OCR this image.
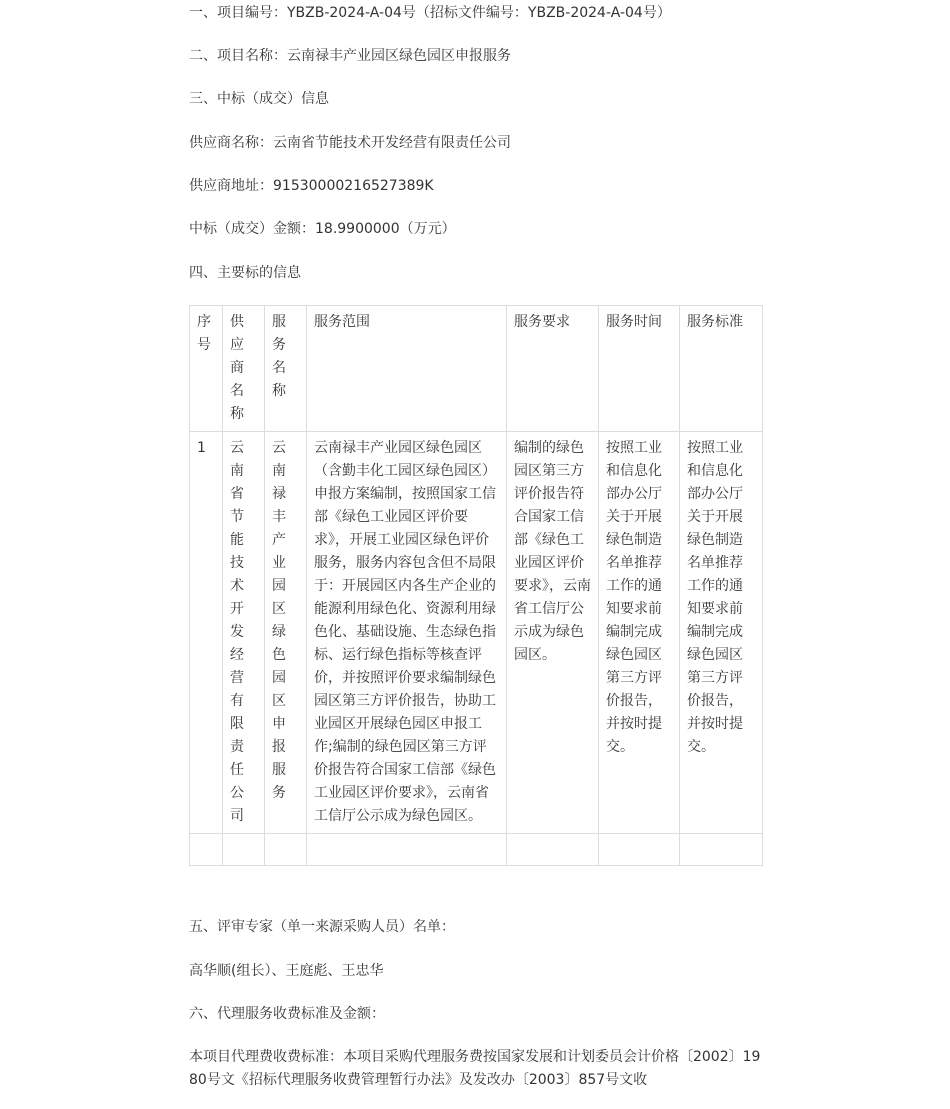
一、项目编号：YBZB-2024-A-04号（招标文件编号：YBZB-2024-A-04号）

二、项目名称：云南禄丰产业园区绿色园区申报服务

三、中标（成交）信息

供应商名称：云南省节能技术开发经营有限责任公司

供应商地址：91530000216527389K

中标（成交）金额：18.9900000（万元）

四、主要标的信息

序号	供应商名称	服务名称	服务范围	服务要求	服务时间	服务标准
1	云南省节能技术开发经营有限责任公司	云南禄丰产业园区绿色园区申报服务	云南禄丰产业园区绿色园区（含勤丰化工园区绿色园区）申报方案编制，按照国家工信部《绿色工业园区评价要求》，开展工业园区绿色评价服务，服务内容包含但不局限于：开展园区内各生产企业的能源利用绿色化、资源利用绿色化、基础设施、生态绿色指标、运行绿色指标等核查评价，并按照评价要求编制绿色园区第三方评价报告，协助工业园区开展绿色园区申报工作;编制的绿色园区第三方评价报告符合国家工信部《绿色工业园区评价要求》，云南省工信厅公示成为绿色园区。	编制的绿色园区第三方评价报告符合国家工信部《绿色工业园区评价要求》，云南省工信厅公示成为绿色园区。	按照工业和信息化部办公厅关于开展绿色制造名单推荐工作的通知要求前编制完成绿色园区第三方评价报告，并按时提交。	按照工业和信息化部办公厅关于开展绿色制造名单推荐工作的通知要求前编制完成绿色园区第三方评价报告，并按时提交。

五、评审专家（单一来源采购人员）名单：

高华顺(组长）、王庭彪、王忠华

六、代理服务收费标准及金额：

本项目代理费收费标准：本项目采购代理服务费按国家发展和计划委员会计价格〔2002〕1980号文《招标代理服务收费管理暂行办法》及发改办〔2003〕857号文收
